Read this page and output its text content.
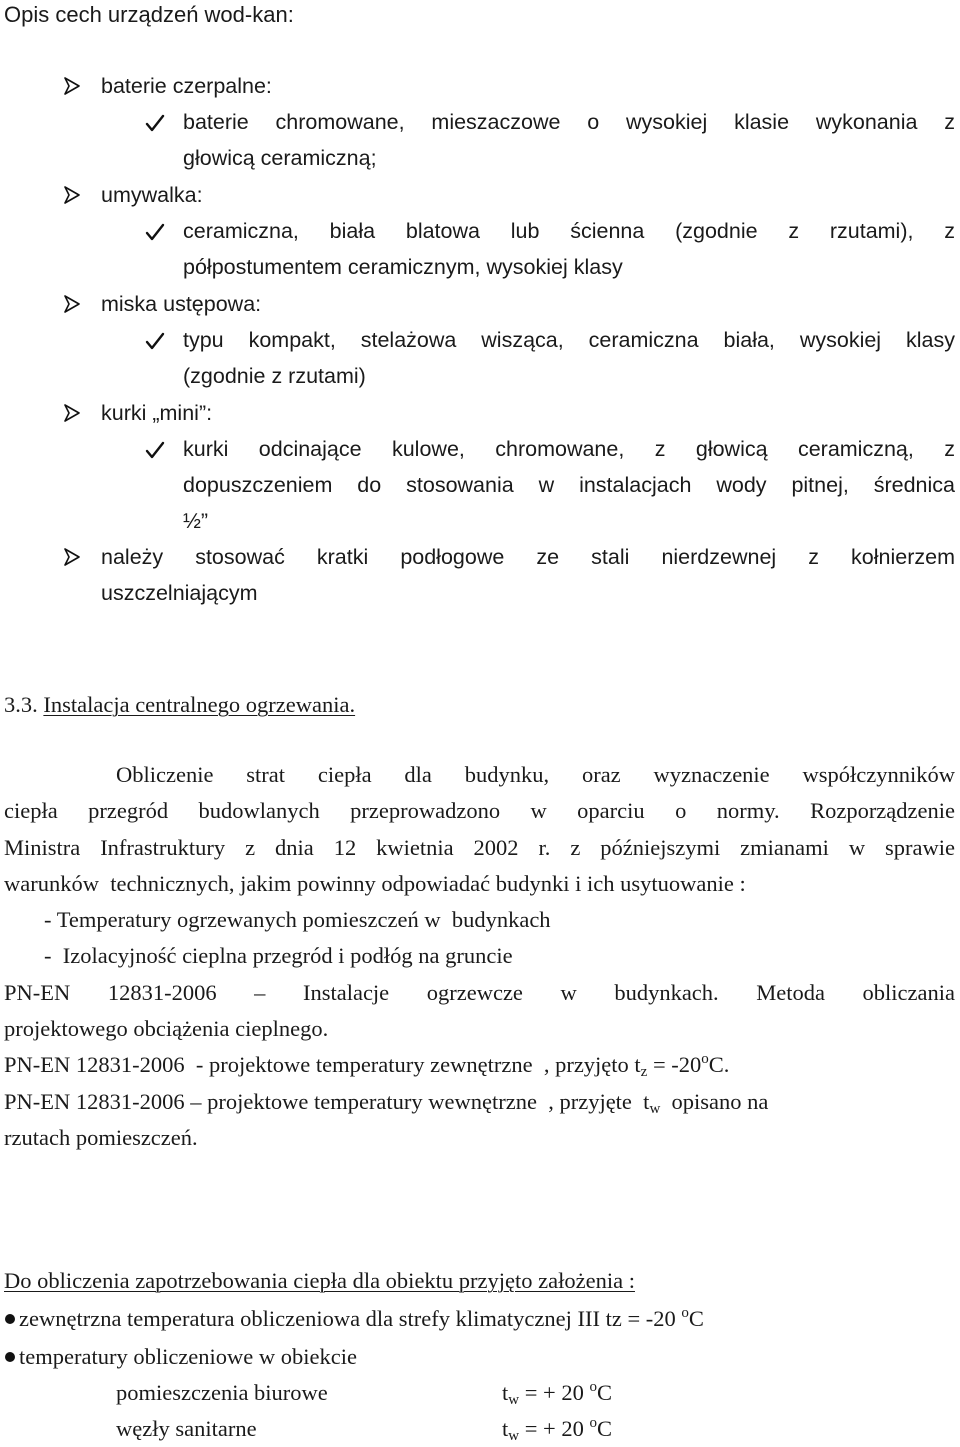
Opis cech urządzeń wod-kan:
baterie czerpalne:
baterie chromowane, mieszaczowe o wysokiej klasie wykonania z
głowicą ceramiczną;
umywalka:
ceramiczna, biała blatowa lub ścienna (zgodnie z rzutami), z
półpostumentem ceramicznym, wysokiej klasy
miska ustępowa:
typu kompakt, stelażowa wisząca, ceramiczna biała, wysokiej klasy
(zgodnie z rzutami)
kurki „mini”:
kurki odcinające kulowe, chromowane, z głowicą ceramiczną, z
dopuszczeniem do stosowania w instalacjach wody pitnej, średnica
½”
należy stosować kratki podłogowe ze stali nierdzewnej z kołnierzem
uszczelniającym
3.3. Instalacja centralnego ogrzewania.
Obliczenie strat ciepła dla budynku, oraz wyznaczenie współczynników
ciepła przegród budowlanych przeprowadzono w oparciu o normy. Rozporządzenie
Ministra Infrastruktury z dnia 12 kwietnia 2002 r. z późniejszymi zmianami w sprawie
warunków  technicznych, jakim powinny odpowiadać budynki i ich usytuowanie :
- Temperatury ogrzewanych pomieszczeń w  budynkach
-  Izolacyjność cieplna przegród i podłóg na gruncie
PN-EN 12831-2006 – Instalacje ogrzewcze w budynkach. Metoda obliczania
projektowego obciążenia cieplnego.
PN-EN 12831-2006  - projektowe temperatury zewnętrzne  , przyjęto $t_z = -20^oC$.
PN-EN 12831-2006 – projektowe temperatury wewnętrzne  , przyjęte  $t_w$  opisano na
rzutach pomieszczeń.
Do obliczenia zapotrzebowania ciepła dla obiektu przyjęto założenia :
zewnętrzna temperatura obliczeniowa dla strefy klimatycznej III tz = -20 $^o$C
temperatury obliczeniowe w obiekcie
pomieszczenia biurowe	$t_w$ = + 20 $^o$C
węzły sanitarne	$t_w$ = + 20 $^o$C
